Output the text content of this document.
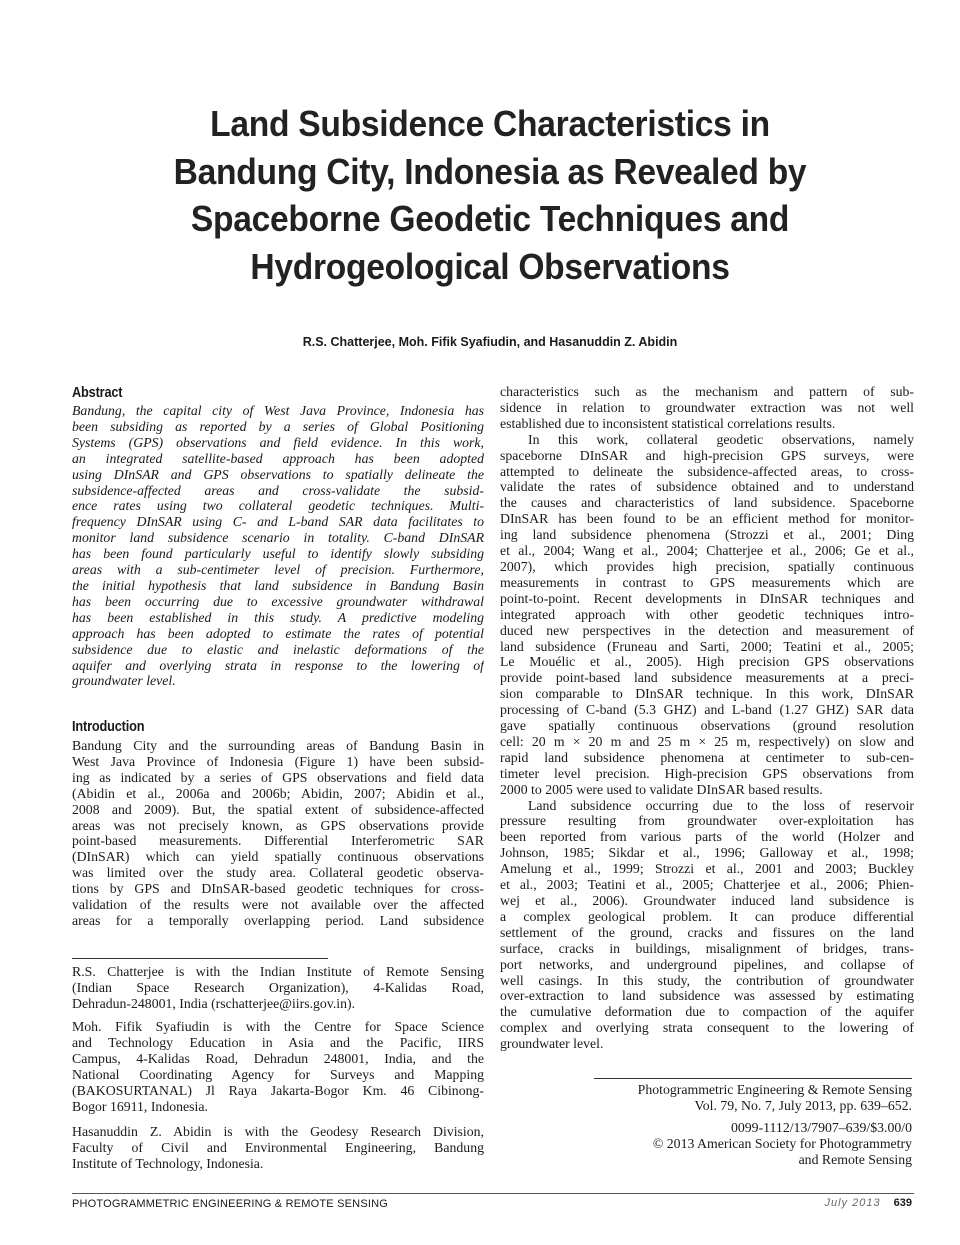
Land Subsidence Characteristics in
Bandung City, Indonesia as Revealed by
Spaceborne Geodetic Techniques and
Hydrogeological Observations
R.S. Chatterjee, Moh. Fifik Syafiudin, and Hasanuddin Z. Abidin
Abstract
Bandung, the capital city of West Java Province, Indonesia has
been subsiding as reported by a series of Global Positioning
Systems (GPS) observations and field evidence. In this work,
an integrated satellite-based approach has been adopted
using DInSAR and GPS observations to spatially delineate the
subsidence-affected areas and cross-validate the subsid-
ence rates using two collateral geodetic techniques. Multi-
frequency DInSAR using C- and L-band SAR data facilitates to
monitor land subsidence scenario in totality. C-band DInSAR
has been found particularly useful to identify slowly subsiding
areas with a sub-centimeter level of precision. Furthermore,
the initial hypothesis that land subsidence in Bandung Basin
has been occurring due to excessive groundwater withdrawal
has been established in this study. A predictive modeling
approach has been adopted to estimate the rates of potential
subsidence due to elastic and inelastic deformations of the
aquifer and overlying strata in response to the lowering of
groundwater level.
Introduction
Bandung City and the surrounding areas of Bandung Basin in
West Java Province of Indonesia (Figure 1) have been subsid-
ing as indicated by a series of GPS observations and field data
(Abidin et al., 2006a and 2006b; Abidin, 2007; Abidin et al.,
2008 and 2009). But, the spatial extent of subsidence-affected
areas was not precisely known, as GPS observations provide
point-based measurements. Differential Interferometric SAR
(DInSAR) which can yield spatially continuous observations
was limited over the study area. Collateral geodetic observa-
tions by GPS and DInSAR-based geodetic techniques for cross-
validation of the results were not available over the affected
areas for a temporally overlapping period. Land subsidence
characteristics such as the mechanism and pattern of sub-
sidence in relation to groundwater extraction was not well
established due to inconsistent statistical correlations results.
In this work, collateral geodetic observations, namely
spaceborne DInSAR and high-precision GPS surveys, were
attempted to delineate the subsidence-affected areas, to cross-
validate the rates of subsidence obtained and to understand
the causes and characteristics of land subsidence. Spaceborne
DInSAR has been found to be an efficient method for monitor-
ing land subsidence phenomena (Strozzi et al., 2001; Ding
et al., 2004; Wang et al., 2004; Chatterjee et al., 2006; Ge et al.,
2007), which provides high precision, spatially continuous
measurements in contrast to GPS measurements which are
point-to-point. Recent developments in DInSAR techniques and
integrated approach with other geodetic techniques intro-
duced new perspectives in the detection and measurement of
land subsidence (Fruneau and Sarti, 2000; Teatini et al., 2005;
Le Mouélic et al., 2005). High precision GPS observations
provide point-based land subsidence measurements at a preci-
sion comparable to DInSAR technique. In this work, DInSAR
processing of C-band (5.3 GHZ) and L-band (1.27 GHZ) SAR data
gave spatially continuous observations (ground resolution
cell: 20 m × 20 m and 25 m × 25 m, respectively) on slow and
rapid land subsidence phenomena at centimeter to sub-cen-
timeter level precision. High-precision GPS observations from
2000 to 2005 were used to validate DInSAR based results.
Land subsidence occurring due to the loss of reservoir
pressure resulting from groundwater over-exploitation has
been reported from various parts of the world (Holzer and
Johnson, 1985; Sikdar et al., 1996; Galloway et al., 1998;
Amelung et al., 1999; Strozzi et al., 2001 and 2003; Buckley
et al., 2003; Teatini et al., 2005; Chatterjee et al., 2006; Phien-
wej et al., 2006). Groundwater induced land subsidence is
a complex geological problem. It can produce differential
settlement of the ground, cracks and fissures on the land
surface, cracks in buildings, misalignment of bridges, trans-
port networks, and underground pipelines, and collapse of
well casings. In this study, the contribution of groundwater
over-extraction to land subsidence was assessed by estimating
the cumulative deformation due to compaction of the aquifer
complex and overlying strata consequent to the lowering of
groundwater level.
R.S. Chatterjee is with the Indian Institute of Remote Sensing
(Indian Space Research Organization), 4-Kalidas Road,
Dehradun-248001, India (rschatterjee@iirs.gov.in).
Moh. Fifik Syafiudin is with the Centre for Space Science
and Technology Education in Asia and the Pacific, IIRS
Campus, 4-Kalidas Road, Dehradun 248001, India, and the
National Coordinating Agency for Surveys and Mapping
(BAKOSURTANAL) Jl Raya Jakarta-Bogor Km. 46 Cibinong-
Bogor 16911, Indonesia.
Hasanuddin Z. Abidin is with the Geodesy Research Division,
Faculty of Civil and Environmental Engineering, Bandung
Institute of Technology, Indonesia.
Photogrammetric Engineering & Remote Sensing
Vol. 79, No. 7, July 2013, pp. 639–652.
0099-1112/13/7907–639/$3.00/0
© 2013 American Society for Photogrammetry
and Remote Sensing
PHOTOGRAMMETRIC ENGINEERING & REMOTE SENSING	July 2013 639
